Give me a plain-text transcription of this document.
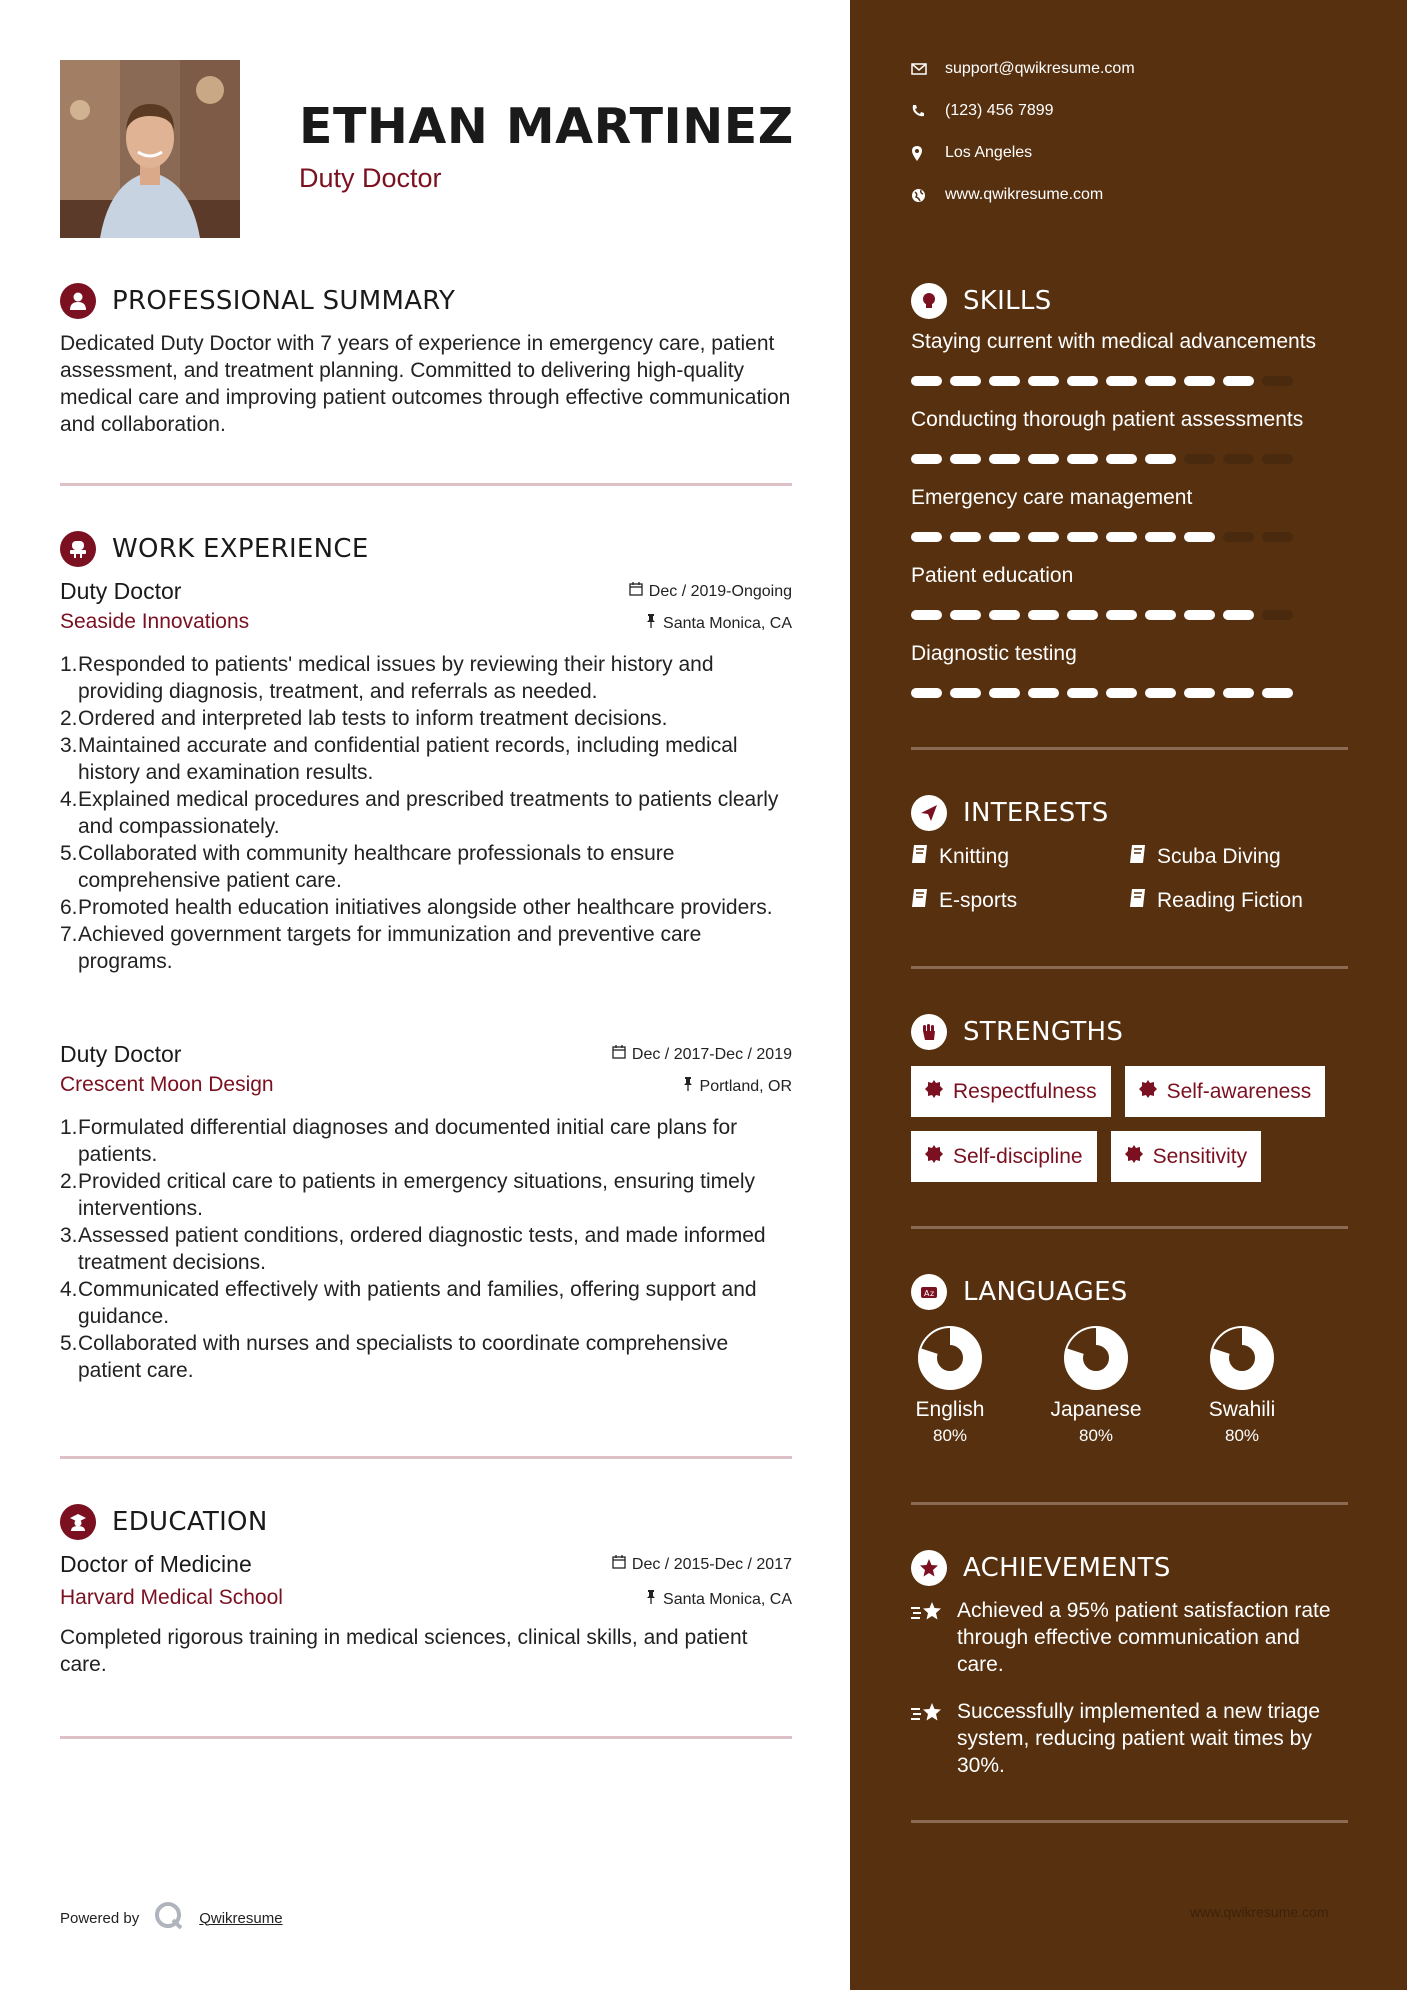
ETHAN MARTINEZ
Duty Doctor
PROFESSIONAL SUMMARY
Dedicated Duty Doctor with 7 years of experience in emergency care, patient assessment, and treatment planning. Committed to delivering high-quality medical care and improving patient outcomes through effective communication and collaboration.
WORK EXPERIENCE
Duty Doctor	Dec / 2019-Ongoing
Seaside Innovations	Santa Monica, CA
1. Responded to patients' medical issues by reviewing their history and providing diagnosis, treatment, and referrals as needed.
2. Ordered and interpreted lab tests to inform treatment decisions.
3. Maintained accurate and confidential patient records, including medical history and examination results.
4. Explained medical procedures and prescribed treatments to patients clearly and compassionately.
5. Collaborated with community healthcare professionals to ensure comprehensive patient care.
6. Promoted health education initiatives alongside other healthcare providers.
7. Achieved government targets for immunization and preventive care programs.
Duty Doctor	Dec / 2017-Dec / 2019
Crescent Moon Design	Portland, OR
1. Formulated differential diagnoses and documented initial care plans for patients.
2. Provided critical care to patients in emergency situations, ensuring timely interventions.
3. Assessed patient conditions, ordered diagnostic tests, and made informed treatment decisions.
4. Communicated effectively with patients and families, offering support and guidance.
5. Collaborated with nurses and specialists to coordinate comprehensive patient care.
EDUCATION
Doctor of Medicine	Dec / 2015-Dec / 2017
Harvard Medical School	Santa Monica, CA
Completed rigorous training in medical sciences, clinical skills, and patient care.
Powered by	Qwikresume
support@qwikresume.com
(123) 456 7899
Los Angeles
www.qwikresume.com
SKILLS
Staying current with medical advancements
Conducting thorough patient assessments
Emergency care management
Patient education
Diagnostic testing
INTERESTS
Knitting	Scuba Diving
E-sports	Reading Fiction
STRENGTHS
Respectfulness	Self-awareness
Self-discipline	Sensitivity
A z LANGUAGES
English
80%
Japanese
80%
Swahili
80%
ACHIEVEMENTS
Achieved a 95% patient satisfaction rate through effective communication and care.
Successfully implemented a new triage system, reducing patient wait times by 30%.
www.qwikresume.com
